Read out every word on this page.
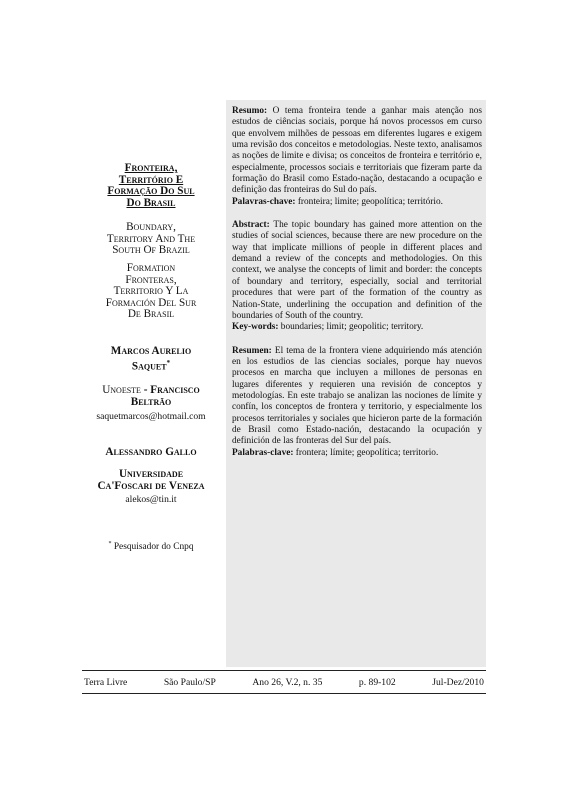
Fronteira,
Território E
Formação Do Sul
Do Brasil
Boundary,
Territory And The
South Of Brazil
Formation
Fronteras,
Territorio Y La
Formación Del Sur
De Brasil
Marcos Aurelio
Saquet*
Unoeste - Francisco
Beltrão
saquetmarcos@hotmail.com
Alessandro Gallo
Universidade
Ca'Foscari de Veneza
alekos@tin.it
* Pesquisador do Cnpq

Resumo: O tema fronteira tende a ganhar mais atenção nos estudos de ciências sociais, porque há novos processos em curso que envolvem milhões de pessoas em diferentes lugares e exigem uma revisão dos conceitos e metodologias. Neste texto, analisamos as noções de limite e divisa; os conceitos de fronteira e território e, especialmente, processos sociais e territoriais que fizeram parte da formação do Brasil como Estado-nação, destacando a ocupação e definição das fronteiras do Sul do país.

Palavras-chave: fronteira; limite; geopolítica; território.

Abstract: The topic boundary has gained more attention on the studies of social sciences, because there are new procedure on the way that implicate millions of people in different places and demand a review of the concepts and methodologies. On this context, we analyse the concepts of limit and border: the concepts of boundary and territory, especially, social and territorial procedures that were part of the formation of the country as Nation-State, underlining the occupation and definition of the boundaries of South of the country.

Key-words: boundaries; limit; geopolitic; territory.

Resumen: El tema de la frontera viene adquiriendo más atención en los estudios de las ciencias sociales, porque hay nuevos procesos en marcha que incluyen a millones de personas en lugares diferentes y requieren una revisión de conceptos y metodologías. En este trabajo se analizan las nociones de límite y confín, los conceptos de frontera y territorio, y especialmente los procesos territoriales y sociales que hicieron parte de la formación de Brasil como Estado-nación, destacando la ocupación y definición de las fronteras del Sur del país.

Palabras-clave: frontera; límite; geopolítica; territorio.

Terra Livre	São Paulo/SP	Ano 26, V.2, n. 35	p. 89-102	Jul-Dez/2010
